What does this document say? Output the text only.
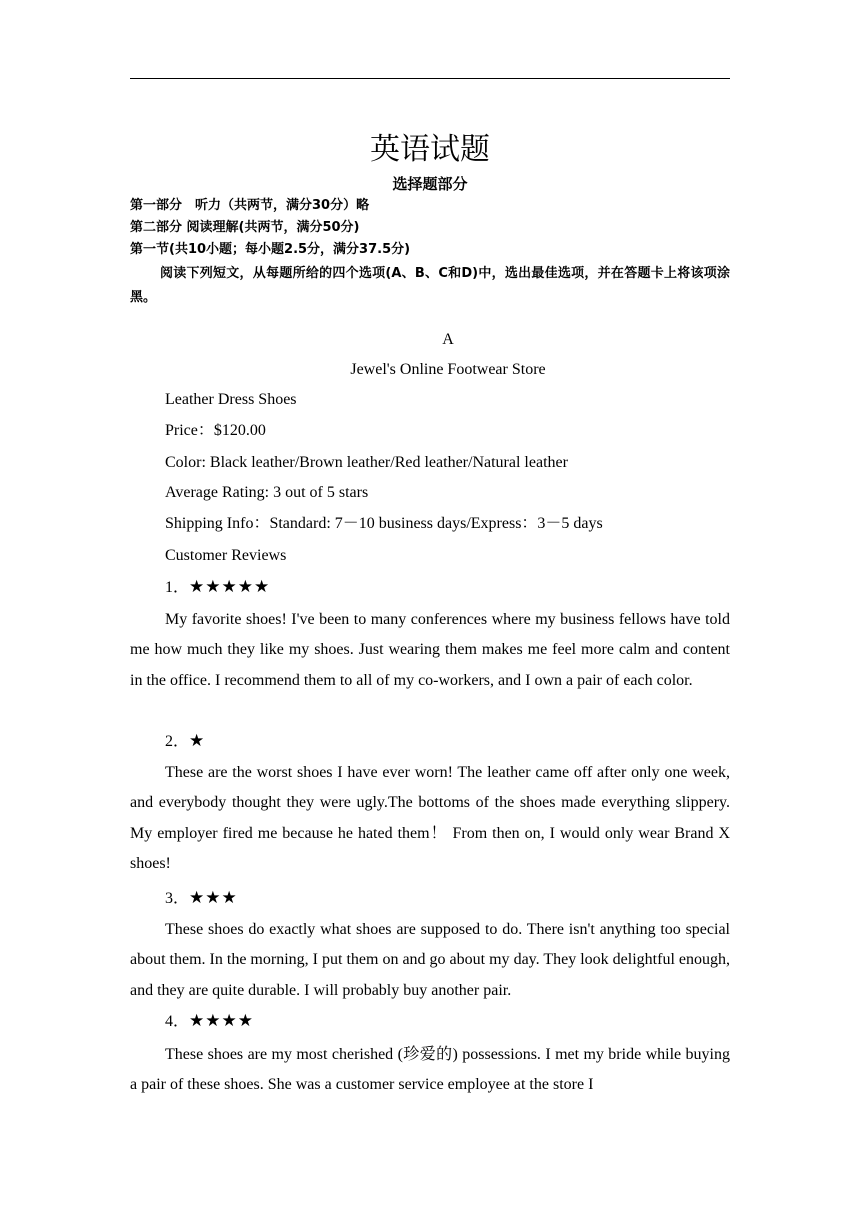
英语试题
选择题部分
第一部分　听力（共两节，满分30分）略
第二部分 阅读理解(共两节，满分50分)
第一节(共10小题；每小题2.5分，满分37.5分)
阅读下列短文，从每题所给的四个选项(A、B、C和D)中，选出最佳选项，并在答题卡上将该项涂黑。
A
Jewel's Online Footwear Store
Leather Dress Shoes
Price：$120.00
Color: Black leather/Brown leather/Red leather/Natural leather
Average Rating: 3 out of 5 stars
Shipping Info：Standard: 7－10 business days/Express：3－5 days
Customer Reviews
1．★★★★★
My favorite shoes! I've been to many conferences where my business fellows have told me how much they like my shoes. Just wearing them makes me feel more calm and content in the office. I recommend them to all of my co-workers, and I own a pair of each color.
2．★
These are the worst shoes I have ever worn! The leather came off after only one week, and everybody thought they were ugly.The bottoms of the shoes made everything slippery. My employer fired me because he hated them！ From then on, I would only wear Brand X shoes!
3．★★★
These shoes do exactly what shoes are supposed to do. There isn't anything too special about them. In the morning, I put them on and go about my day. They look delightful enough, and they are quite durable. I will probably buy another pair.
4．★★★★
These shoes are my most cherished (珍爱的) possessions. I met my bride while buying a pair of these shoes. She was a customer service employee at the store I
